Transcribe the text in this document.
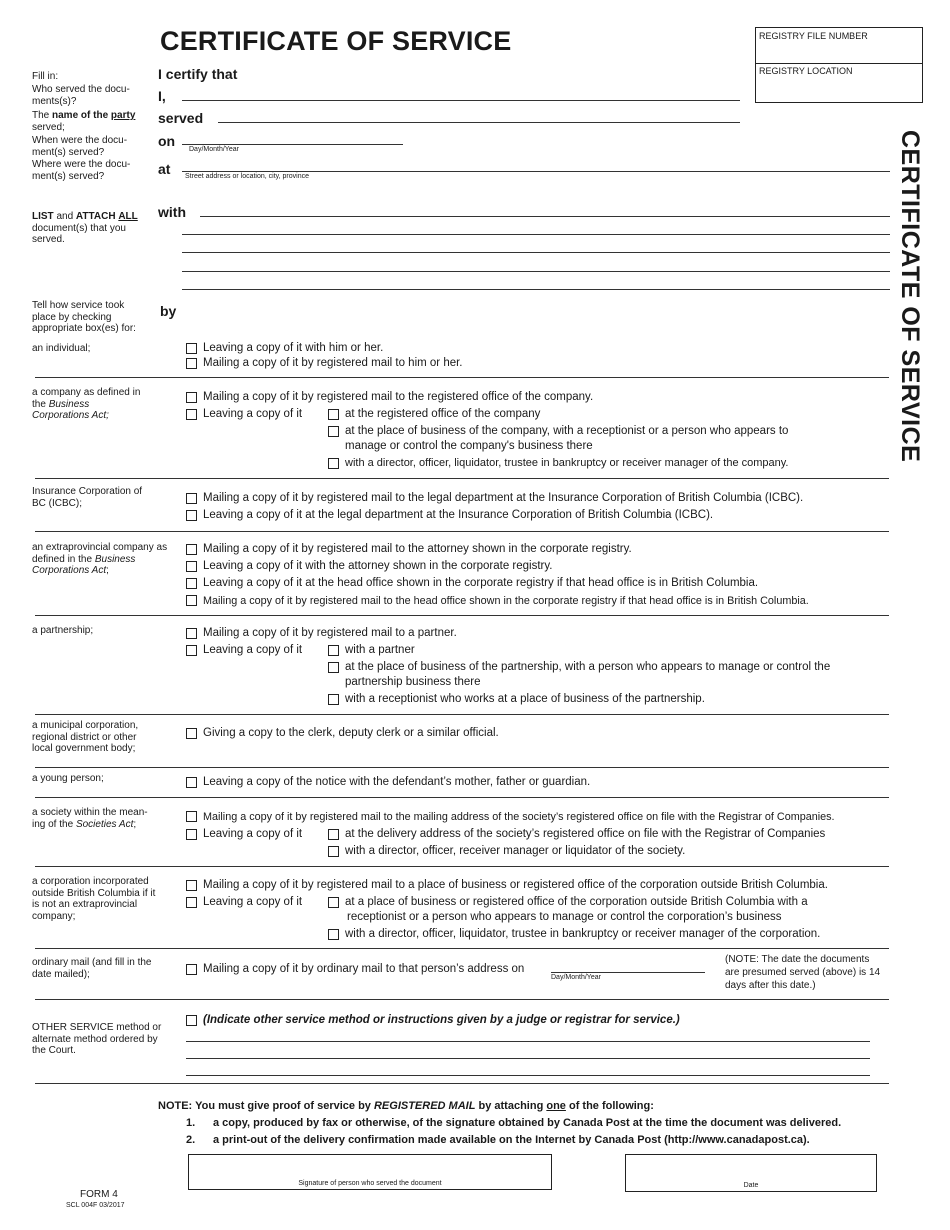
CERTIFICATE OF SERVICE
CERTIFICATE OF SERVICE
REGISTRY FILE NUMBER
REGISTRY LOCATION
Fill in:
Who served the docu- ments(s)?
The name of the party
served;
When were the docu- ment(s) served?
Where were the docu- ment(s) served?
I certify that
I,
served
on
Day/Month/Year
at Street address or location, city, province
LIST and ATTACH ALL
document(s) that you served.
with
Tell how service took place by checking appropriate box(es) for:
by
an individual;	Leaving a copy of it with him or her.
Mailing a copy of it by registered mail to him or her.
a company as defined in the Business Corporations Act;
Mailing a copy of it by registered mail to the registered office of the company.
Leaving a copy of it	at the registered office of the company
at the place of business of the company, with a receptionist or a person who appears to
manage or control the company's business there
with a director, officer, liquidator, trustee in bankruptcy or receiver manager of the company.
Insurance Corporation of BC (ICBC);	Mailing a copy of it by registered mail to the legal department at the Insurance Corporation of British Columbia (ICBC).
Leaving a copy of it at the legal department at the Insurance Corporation of British Columbia (ICBC).
an extraprovincial company as defined in the Business
Corporations Act;
Mailing a copy of it by registered mail to the attorney shown in the corporate registry.
Leaving a copy of it with the attorney shown in the corporate registry.
Leaving a copy of it at the head office shown in the corporate registry if that head office is in British Columbia.
Mailing a copy of it by registered mail to the head office shown in the corporate registry if that head office is in British Columbia.
a partnership;	Mailing a copy of it by registered mail to a partner.
Leaving a copy of it	with a partner
at the place of business of the partnership, with a person who appears to manage or control the
partnership business there
with a receptionist who works at a place of business of the partnership.
a municipal corporation, regional district or other local government body;
Giving a copy to the clerk, deputy clerk or a similar official.
a young person;	Leaving a copy of the notice with the defendant’s mother, father or guardian.
a society within the mean- ing of the Societies Act;
Mailing a copy of it by registered mail to the mailing address of the society’s registered office on file with the Registrar of Companies.
Leaving a copy of it	at the delivery address of the society’s registered office on file with the Registrar of Companies
with a director, officer, receiver manager or liquidator of the society.
a corporation incorporated outside British Columbia if it is not an extraprovincial company;
Mailing a copy of it by registered mail to a place of business or registered office of the corporation outside British Columbia.
Leaving a copy of it	at a place of business or registered office of the corporation outside British Columbia with a
receptionist or a person who appears to manage or control the corporation’s business
with a director, officer, liquidator, trustee in bankruptcy or receiver manager of the corporation.
ordinary mail (and fill in the date mailed);	Mailing a copy of it by ordinary mail to that person’s address on
Day/Month/Year
(NOTE: The date the documents are presumed served (above) is 14 days after this date.)
OTHER SERVICE method or alternate method ordered by the Court.
(Indicate other service method or instructions given by a judge or registrar for service.)
NOTE: You must give proof of service by REGISTERED MAIL by attaching one of the following:
1. a copy, produced by fax or otherwise, of the signature obtained by Canada Post at the time the document was delivered.
2. a print-out of the delivery confirmation made available on the Internet by Canada Post (http://www.canadapost.ca).
Signature of person who served the document	Date
FORM 4
SCL 004F 03/2017
